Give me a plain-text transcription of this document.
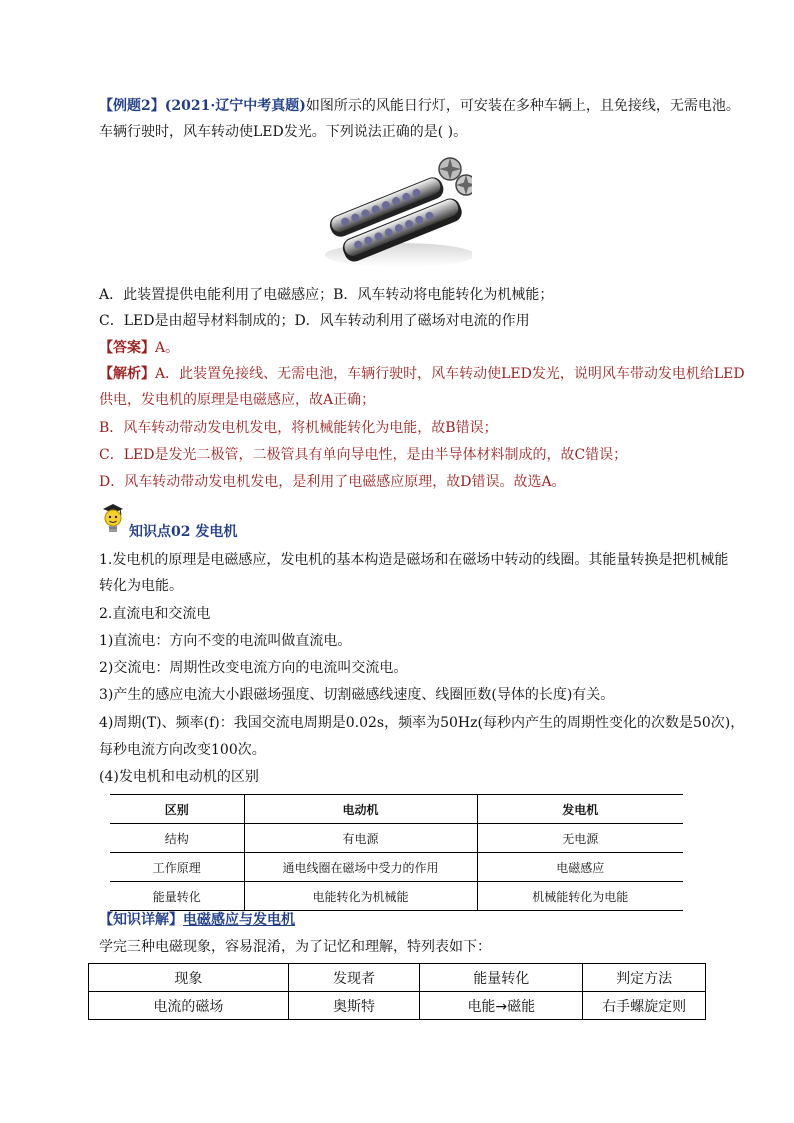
【例题2】(2021·辽宁中考真题)如图所示的风能日行灯，可安装在多种车辆上，且免接线，无需电池。
车辆行驶时，风车转动使LED发光。下列说法正确的是( )。
A．此装置提供电能利用了电磁感应；B．风车转动将电能转化为机械能；
C．LED是由超导材料制成的；D．风车转动利用了磁场对电流的作用
【答案】A。
【解析】A．此装置免接线、无需电池，车辆行驶时，风车转动使LED发光，说明风车带动发电机给LED
供电，发电机的原理是电磁感应，故A正确；
B．风车转动带动发电机发电，将机械能转化为电能，故B错误；
C．LED是发光二极管，二极管具有单向导电性，是由半导体材料制成的，故C错误；
D．风车转动带动发电机发电，是利用了电磁感应原理，故D错误。故选A。
知识点02 发电机
1.发电机的原理是电磁感应，发电机的基本构造是磁场和在磁场中转动的线圈。其能量转换是把机械能
转化为电能。
2.直流电和交流电
1)直流电：方向不变的电流叫做直流电。
2)交流电：周期性改变电流方向的电流叫交流电。
3)产生的感应电流大小跟磁场强度、切割磁感线速度、线圈匝数(导体的长度)有关。
4)周期(T)、频率(f)：我国交流电周期是0.02s，频率为50Hz(每秒内产生的周期性变化的次数是50次)，
每秒电流方向改变100次。
(4)发电机和电动机的区别
区别	电动机	发电机
结构	有电源	无电源
工作原理	通电线圈在磁场中受力的作用	电磁感应
能量转化	电能转化为机械能	机械能转化为电能
【知识详解】电磁感应与发电机
学完三种电磁现象，容易混淆，为了记忆和理解，特列表如下：
现象	发现者	能量转化	判定方法
电流的磁场	奥斯特	电能→磁能	右手螺旋定则
